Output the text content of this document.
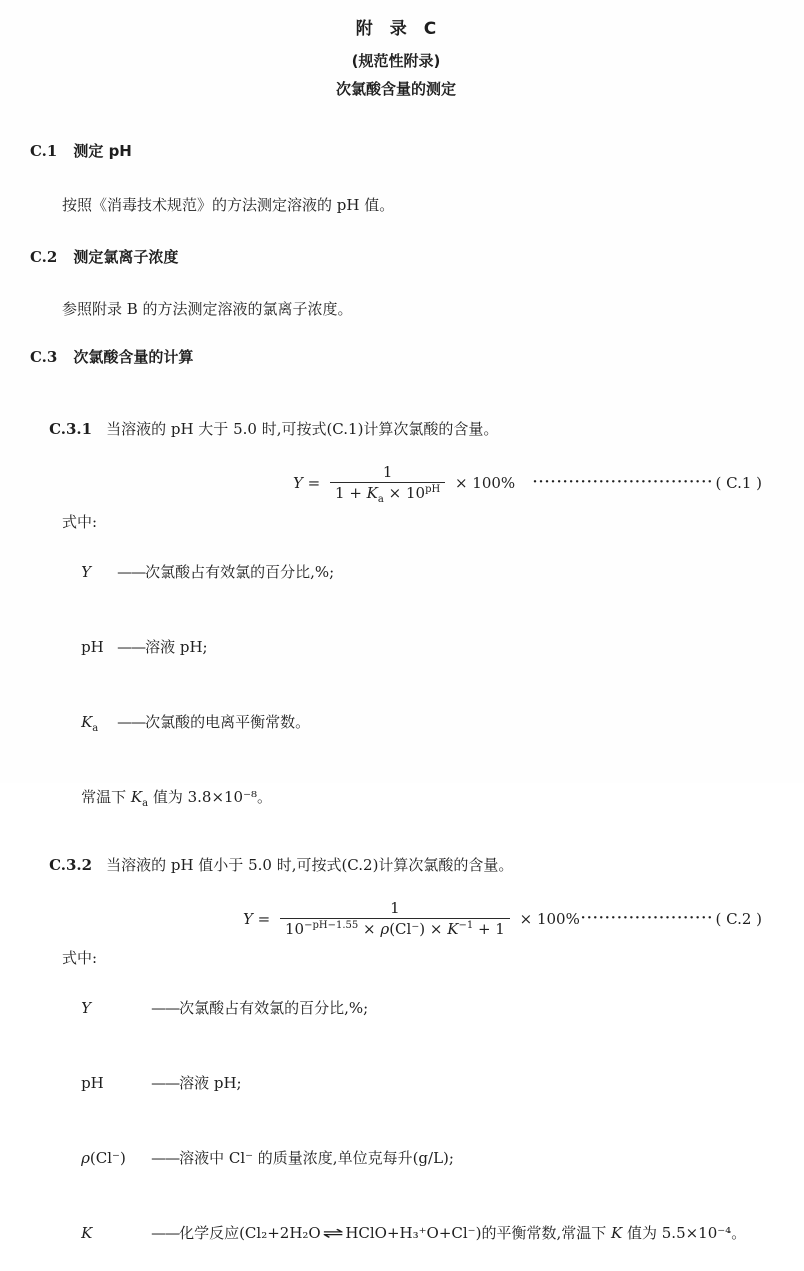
附　录　C
(规范性附录)
次氯酸含量的测定
C.1 测定 pH

按照《消毒技术规范》的方法测定溶液的 pH 值。

C.2 测定氯离子浓度

参照附录 B 的方法测定溶液的氯离子浓度。

C.3 次氯酸含量的计算

C.3.1 当溶液的 pH 大于 5.0 时,可按式(C.1)计算次氯酸的含量。

$Y = \frac{1}{1 + K_a \times 10^{pH}} \times 100\%$ ······························ ( C.1 )
式中:

Y ——次氯酸占有效氯的百分比,%;

pH ——溶液 pH;

$K_a$ ——次氯酸的电离平衡常数。

常温下 $K_a$ 值为 3.8×10⁻⁸。

C.3.2 当溶液的 pH 值小于 5.0 时,可按式(C.2)计算次氯酸的含量。

$Y = \frac{1}{10^{-pH-1.55} \times \rho(Cl^-) \times K^{-1} + 1} \times 100\%$ ······················ ( C.2 )
式中:

Y	——次氯酸占有效氯的百分比,%;

pH	——溶液 pH;

ρ(Cl⁻) ——溶液中 Cl⁻ 的质量浓度,单位克每升(g/L);

K	——化学反应(Cl₂+2H₂O ⇌ HClO+H₃⁺O+Cl⁻)的平衡常数,常温下 K 值为 5.5×10⁻⁴。
